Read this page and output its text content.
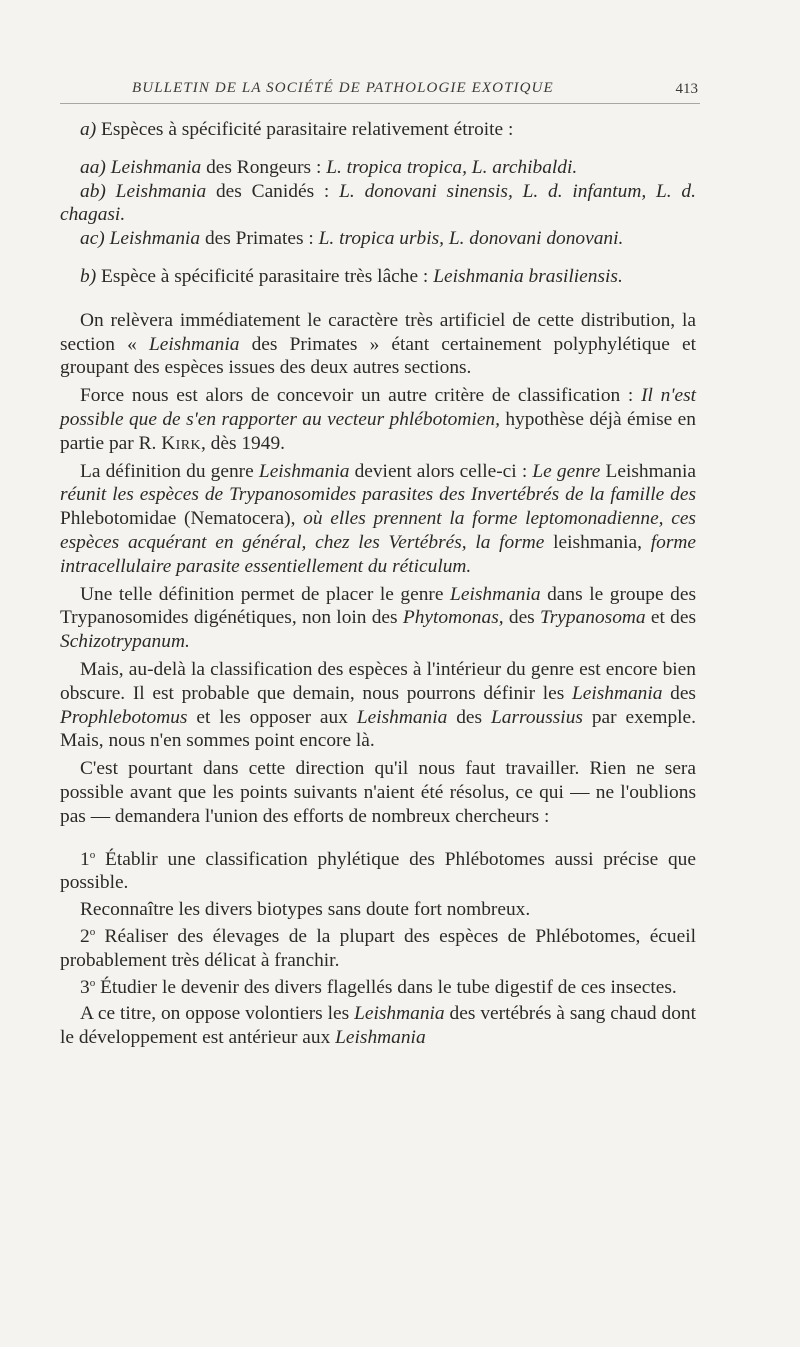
BULLETIN DE LA SOCIÉTÉ DE PATHOLOGIE EXOTIQUE	413

a) Espèces à spécificité parasitaire relativement étroite :

aa) Leishmania des Rongeurs : L. tropica tropica, L. archibaldi.

ab) Leishmania des Canidés : L. donovani sinensis, L. d. infantum, L. d. chagasi.

ac) Leishmania des Primates : L. tropica urbis, L. donovani donovani.

b) Espèce à spécificité parasitaire très lâche : Leishmania brasiliensis.

On relèvera immédiatement le caractère très artificiel de cette distribution, la section « Leishmania des Primates » étant certainement polyphylétique et groupant des espèces issues des deux autres sections.

Force nous est alors de concevoir un autre critère de classification : Il n'est possible que de s'en rapporter au vecteur phlébotomien, hypothèse déjà émise en partie par R. Kirk, dès 1949.

La définition du genre Leishmania devient alors celle-ci : Le genre Leishmania réunit les espèces de Trypanosomides parasites des Invertébrés de la famille des Phlebotomidae (Nematocera), où elles prennent la forme leptomonadienne, ces espèces acquérant en général, chez les Vertébrés, la forme leishmania, forme intracellulaire parasite essentiellement du réticulum.

Une telle définition permet de placer le genre Leishmania dans le groupe des Trypanosomides digénétiques, non loin des Phytomonas, des Trypanosoma et des Schizotrypanum.

Mais, au-delà la classification des espèces à l'intérieur du genre est encore bien obscure. Il est probable que demain, nous pourrons définir les Leishmania des Prophlebotomus et les opposer aux Leishmania des Larroussius par exemple. Mais, nous n'en sommes point encore là.

C'est pourtant dans cette direction qu'il nous faut travailler. Rien ne sera possible avant que les points suivants n'aient été résolus, ce qui — ne l'oublions pas — demandera l'union des efforts de nombreux chercheurs :

1$^o$ Établir une classification phylétique des Phlébotomes aussi précise que possible.

Reconnaître les divers biotypes sans doute fort nombreux.

2$^o$ Réaliser des élevages de la plupart des espèces de Phlébotomes, écueil probablement très délicat à franchir.

3$^o$ Étudier le devenir des divers flagellés dans le tube digestif de ces insectes.

A ce titre, on oppose volontiers les Leishmania des vertébrés à sang chaud dont le développement est antérieur aux Leishmania
